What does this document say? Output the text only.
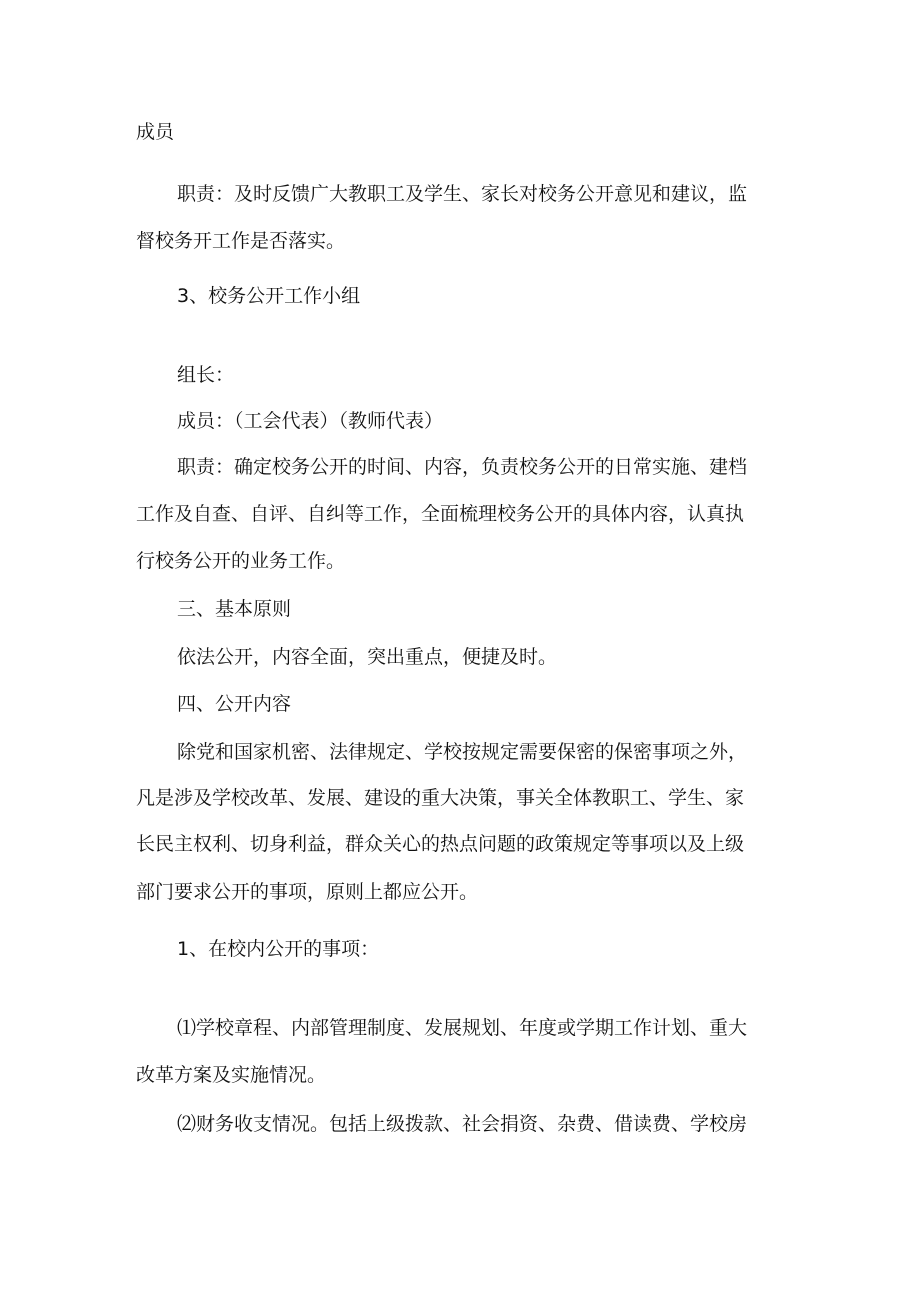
成员
职责：及时反馈广大教职工及学生、家长对校务公开意见和建议，监
督校务开工作是否落实。
3、校务公开工作小组
组长：
成员：（工会代表）（教师代表）
职责：确定校务公开的时间、内容，负责校务公开的日常实施、建档
工作及自查、自评、自纠等工作，全面梳理校务公开的具体内容，认真执
行校务公开的业务工作。
三、基本原则
依法公开，内容全面，突出重点，便捷及时。
四、公开内容
除党和国家机密、法律规定、学校按规定需要保密的保密事项之外，
凡是涉及学校改革、发展、建设的重大决策，事关全体教职工、学生、家
长民主权利、切身利益，群众关心的热点问题的政策规定等事项以及上级
部门要求公开的事项，原则上都应公开。
1、在校内公开的事项：
⑴学校章程、内部管理制度、发展规划、年度或学期工作计划、重大
改革方案及实施情况。
⑵财务收支情况。包括上级拨款、社会捐资、杂费、借读费、学校房
